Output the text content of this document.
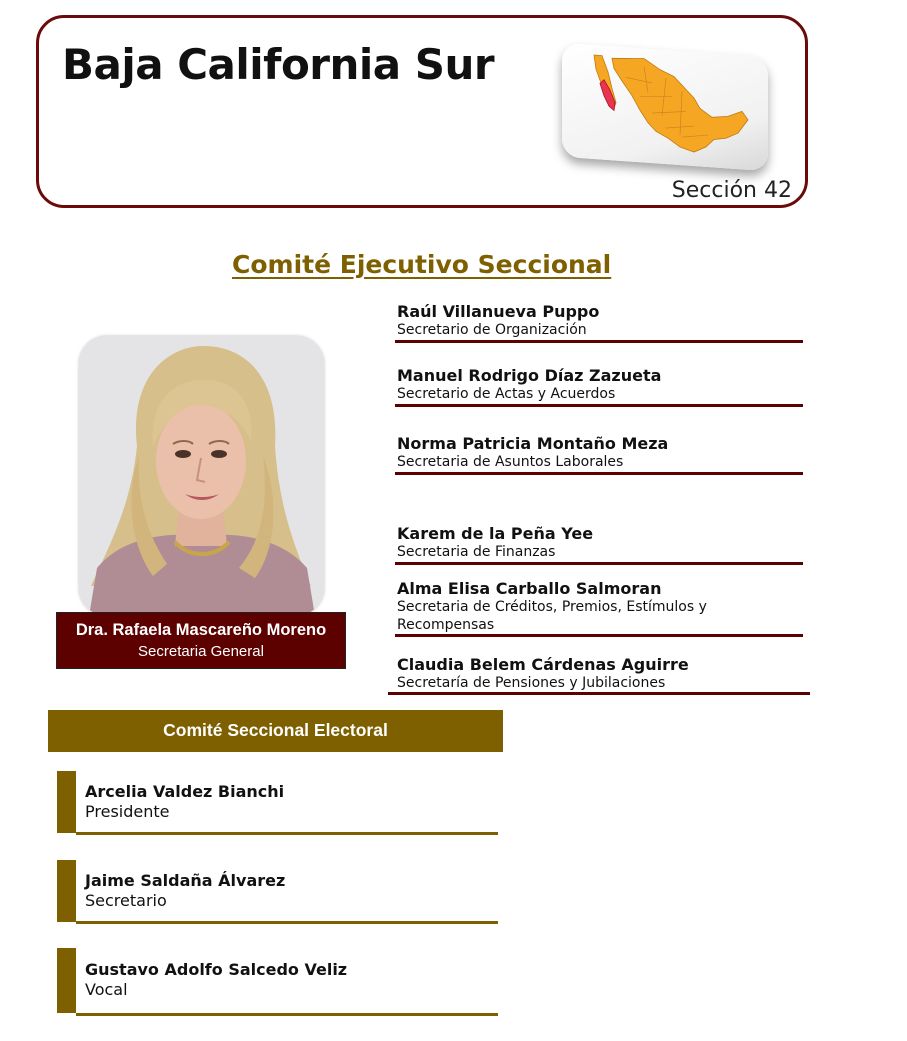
Baja California Sur
Sección 42
Comité Ejecutivo Seccional
Dra. Rafaela Mascareño Moreno
Secretaria General
Raúl Villanueva Puppo
Secretario de Organización
Manuel Rodrigo Díaz Zazueta
Secretario de Actas y Acuerdos
Norma Patricia Montaño Meza
Secretaria de Asuntos Laborales
Karem de la Peña Yee
Secretaria de Finanzas
Alma Elisa Carballo Salmoran
Secretaria de Créditos, Premios, Estímulos y Recompensas
Claudia Belem Cárdenas Aguirre
Secretaría de Pensiones y Jubilaciones
Comité Seccional Electoral
Arcelia Valdez Bianchi
Presidente
Jaime Saldaña Álvarez
Secretario
Gustavo Adolfo Salcedo Veliz
Vocal
